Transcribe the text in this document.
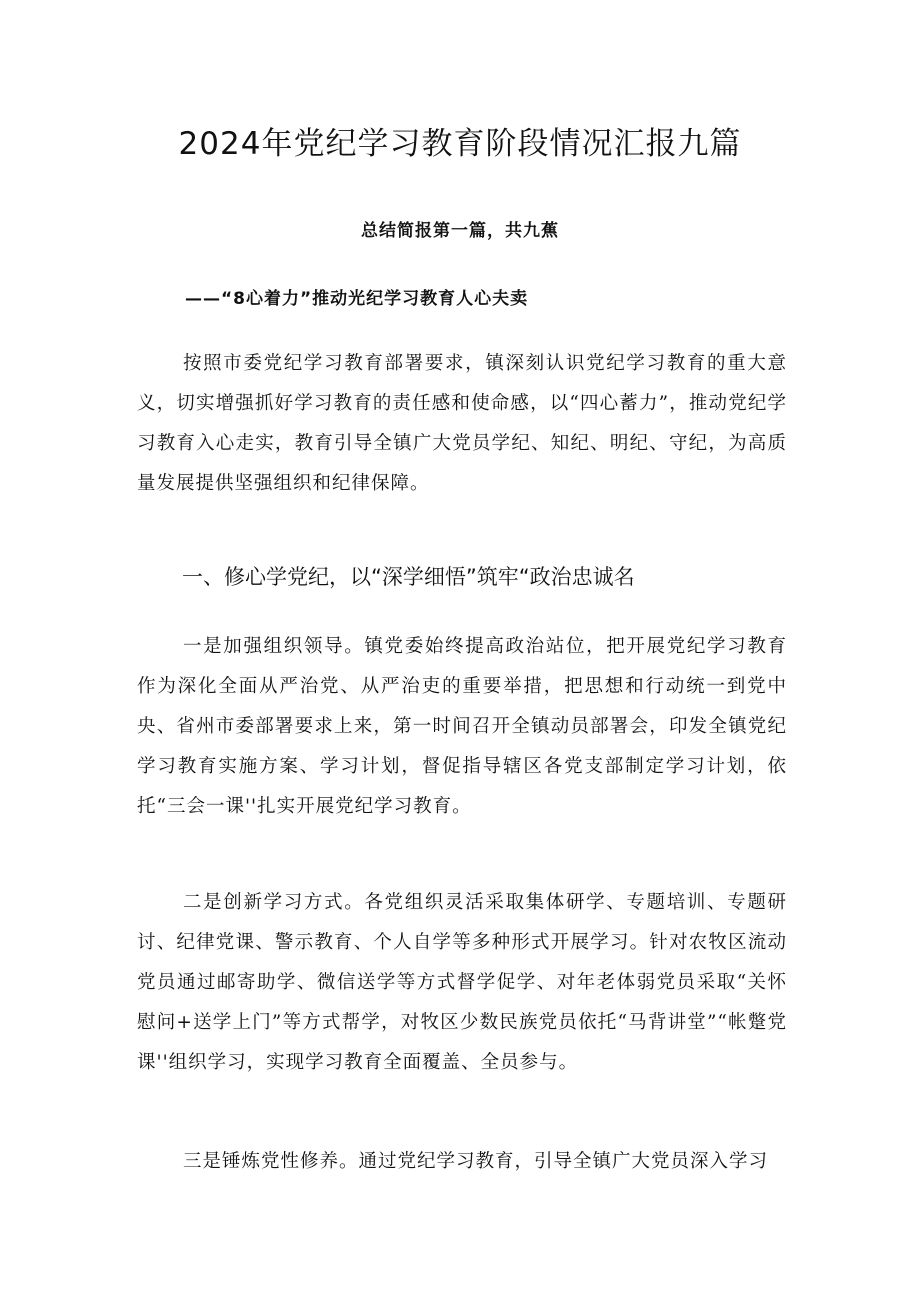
2024年党纪学习教育阶段情况汇报九篇
总结简报第一篇，共九蕉
——“8心着力”推动光纪学习教育人心夫卖
按照市委党纪学习教育部署要求，镇深刻认识党纪学习教育的重大意义，切实增强抓好学习教育的责任感和使命感，以“四心蓄力”，推动党纪学习教育入心走实，教育引导全镇广大党员学纪、知纪、明纪、守纪，为高质量发展提供坚强组织和纪律保障。
一、修心学党纪，以“深学细悟”筑牢“政治忠诚名
一是加强组织领导。镇党委始终提高政治站位，把开展党纪学习教育作为深化全面从严治党、从严治吏的重要举措，把思想和行动统一到党中央、省州市委部署要求上来，第一时间召开全镇动员部署会，印发全镇党纪学习教育实施方案、学习计划，督促指导辖区各党支部制定学习计划，依托“三会一课''扎实开展党纪学习教育。
二是创新学习方式。各党组织灵活采取集体研学、专题培训、专题研讨、纪律党课、警示教育、个人自学等多种形式开展学习。针对农牧区流动党员通过邮寄助学、微信送学等方式督学促学、对年老体弱党员采取“关怀慰问+送学上门”等方式帮学，对牧区少数民族党员依托“马背讲堂”“帐蹩党课''组织学习，实现学习教育全面覆盖、全员参与。
三是锤炼党性修养。通过党纪学习教育，引导全镇广大党员深入学习
